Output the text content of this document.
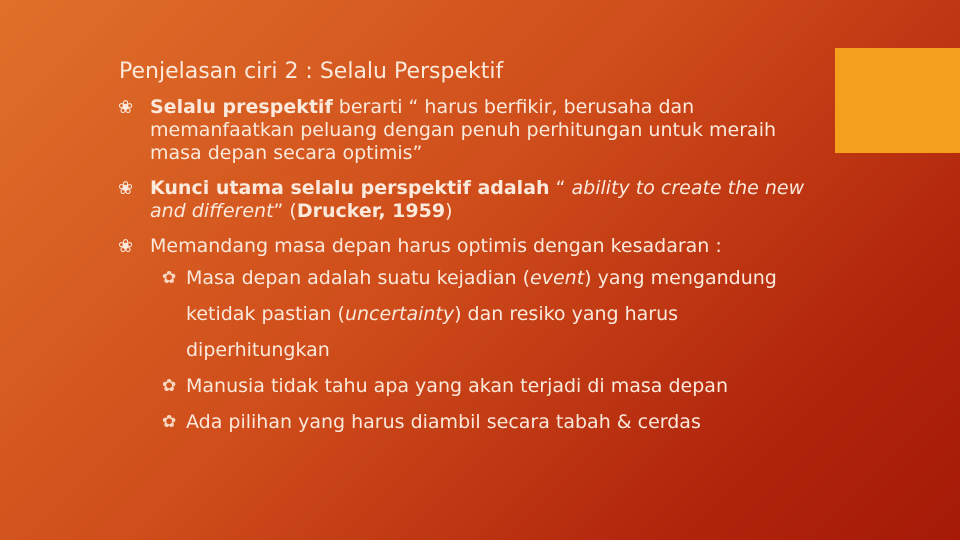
Penjelasan ciri 2 : Selalu Perspektif
❀ Selalu prespektif berarti “ harus berfikir, berusaha dan memanfaatkan peluang dengan penuh perhitungan untuk meraih masa depan secara optimis”
❀ Kunci utama selalu perspektif adalah “ ability to create the new and different” (Drucker, 1959)
❀ Memandang masa depan harus optimis dengan kesadaran :
✿ Masa depan adalah suatu kejadian (event) yang mengandung ketidak pastian (uncertainty) dan resiko yang harus diperhitungkan
✿ Manusia tidak tahu apa yang akan terjadi di masa depan
✿ Ada pilihan yang harus diambil secara tabah & cerdas
